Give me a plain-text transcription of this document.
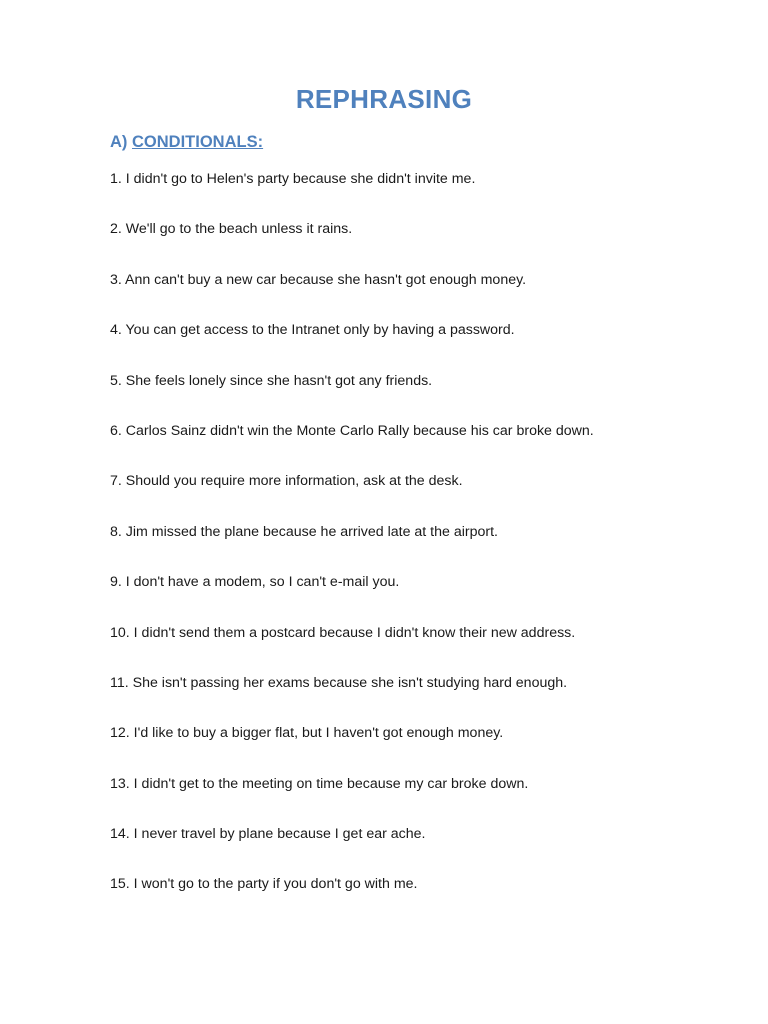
REPHRASING
A) CONDITIONALS:
1. I didn't go to Helen's party because she didn't invite me.
2. We'll go to the beach unless it rains.
3. Ann can't buy a new car because she hasn't got enough money.
4. You can get access to the Intranet only by having a password.
5. She feels lonely since she hasn't got any friends.
6. Carlos Sainz didn't win the Monte Carlo Rally because his car broke down.
7. Should you require more information, ask at the desk.
8. Jim missed the plane because he arrived late at the airport.
9. I don't have a modem, so I can't e-mail you.
10. I didn't send them a postcard because I didn't know their new address.
11. She isn't passing her exams because she isn't studying hard enough.
12. I'd like to buy a bigger flat, but I haven't got enough money.
13. I didn't get to the meeting on time because my car broke down.
14. I never travel by plane because I get ear ache.
15. I won't go to the party if you don't go with me.
